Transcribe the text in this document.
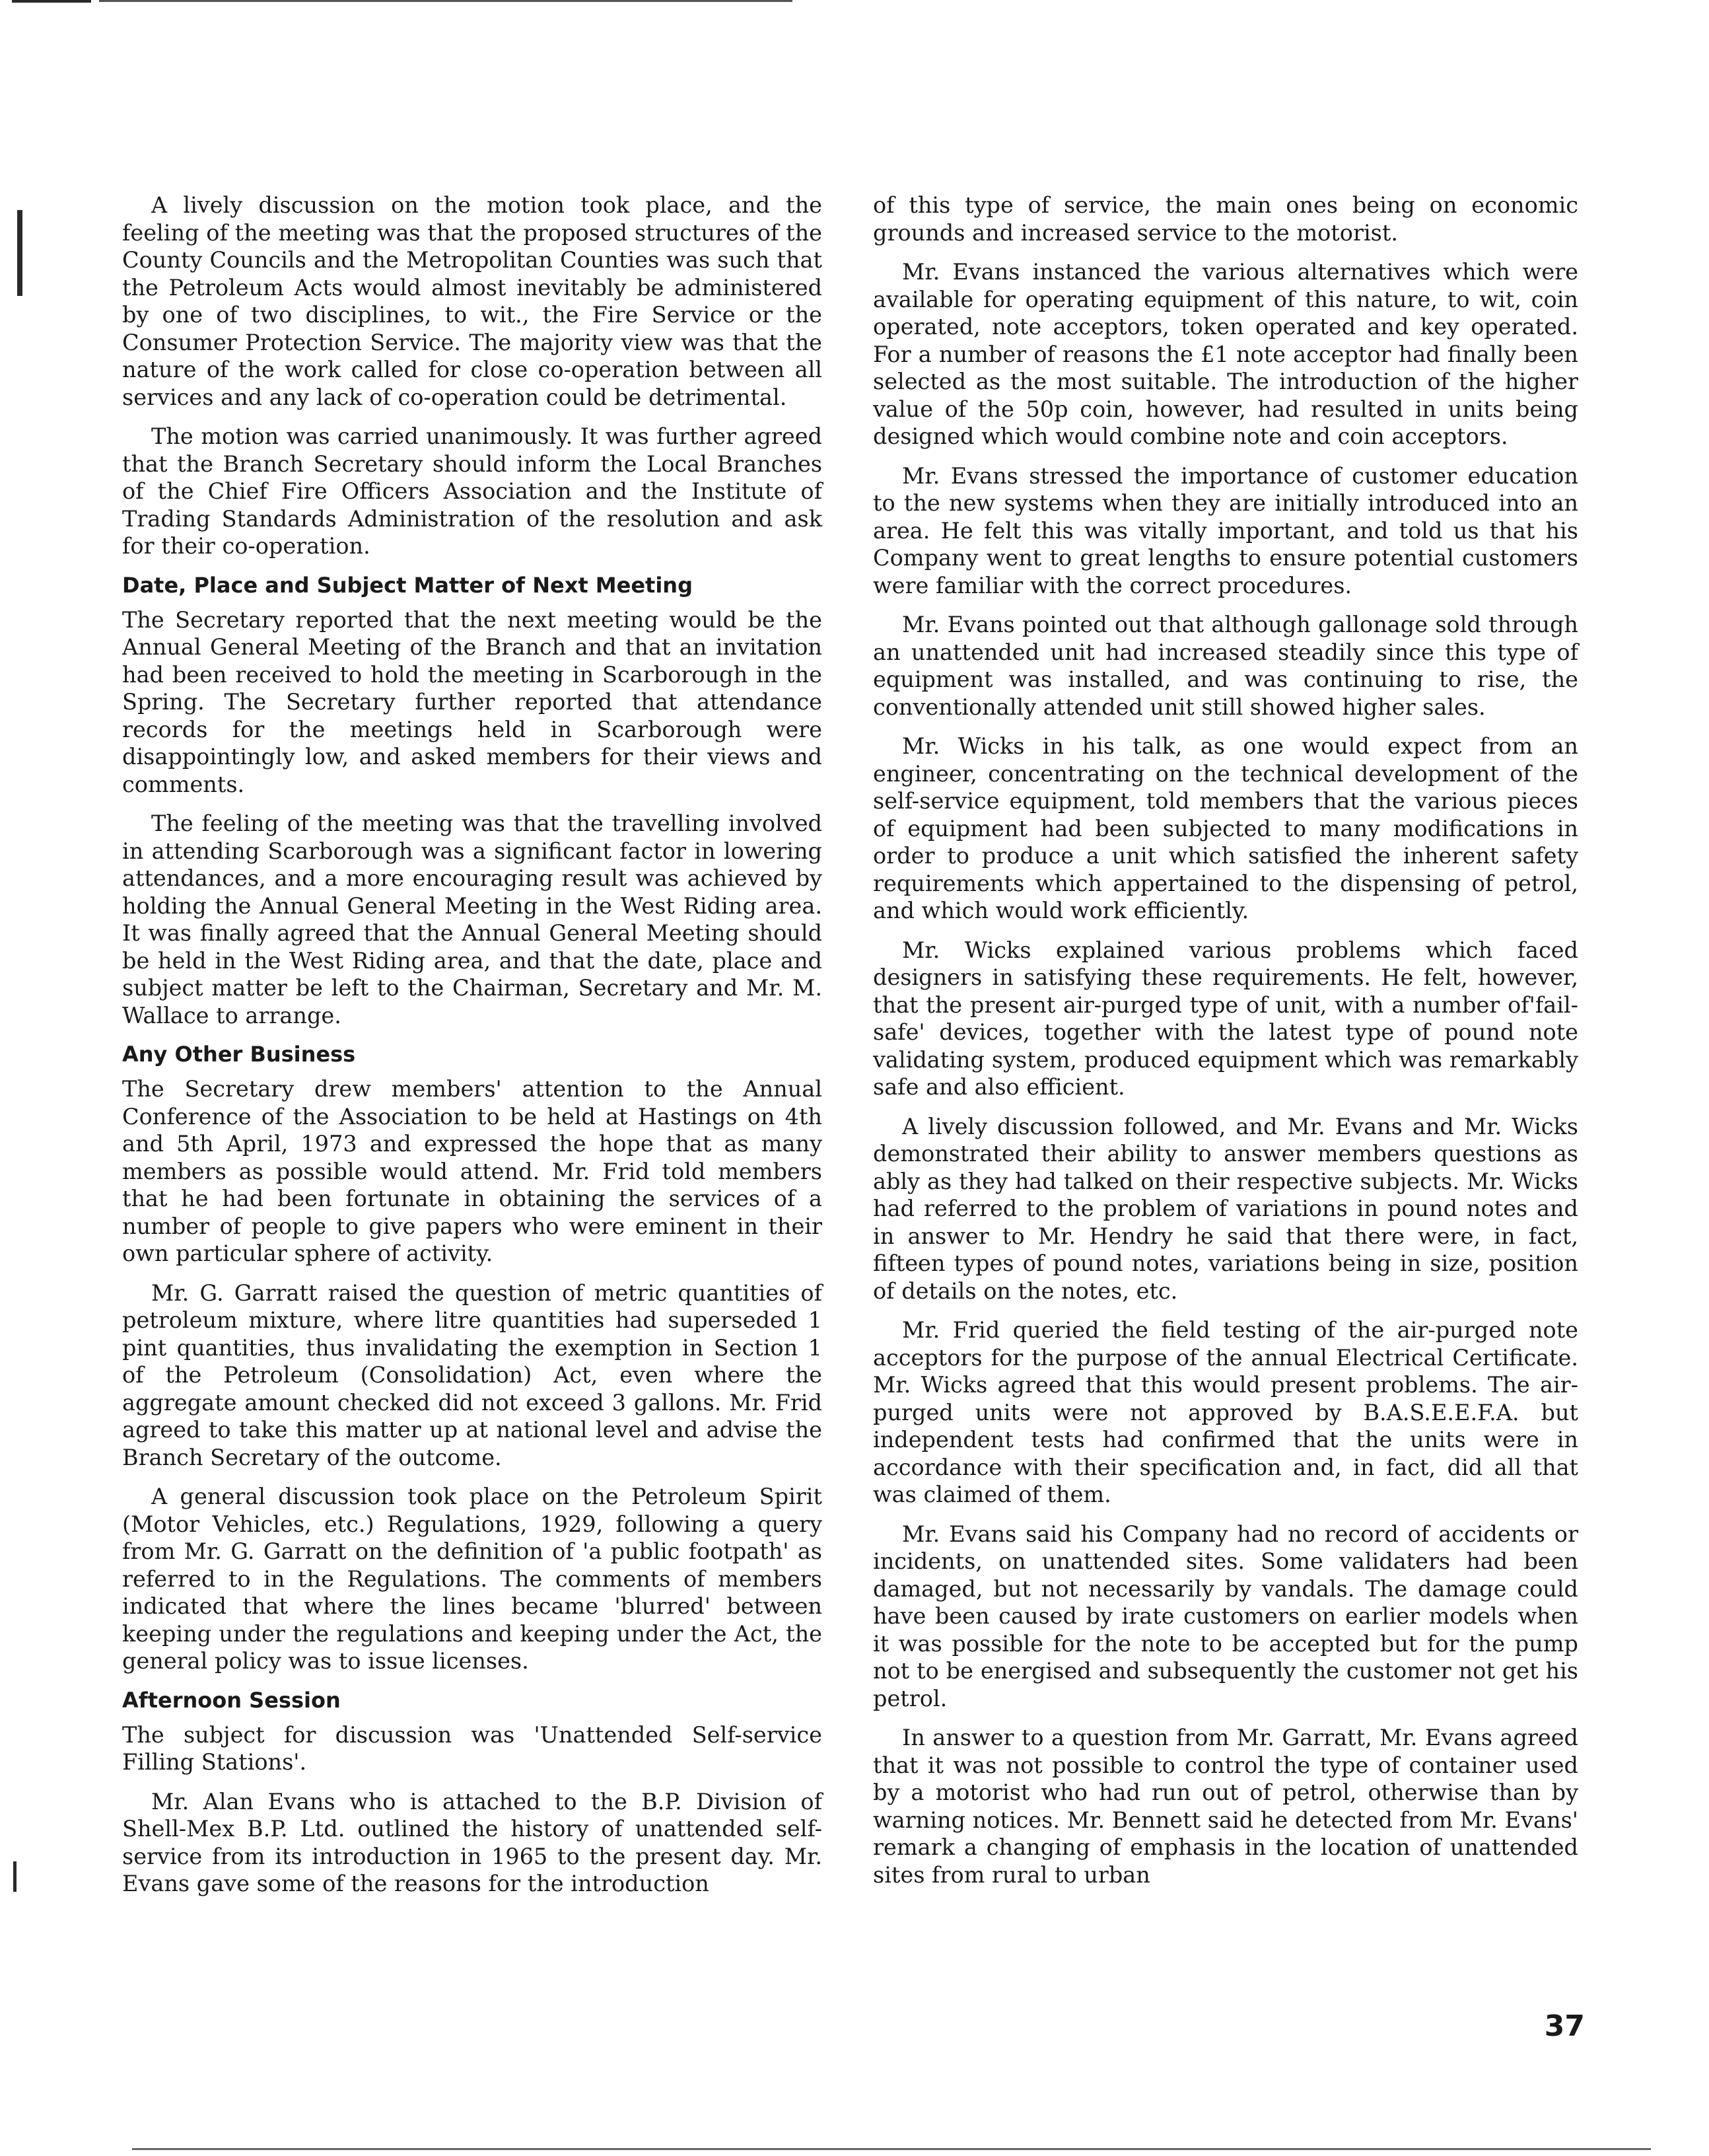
A lively discussion on the motion took place, and the feeling of the meeting was that the proposed structures of the County Councils and the Metropolitan Counties was such that the Petroleum Acts would almost inevitably be administered by one of two disciplines, to wit., the Fire Service or the Consumer Protection Service. The majority view was that the nature of the work called for close co-operation between all services and any lack of co-operation could be detrimental.

The motion was carried unanimously. It was further agreed that the Branch Secretary should inform the Local Branches of the Chief Fire Officers Association and the Institute of Trading Standards Administration of the resolution and ask for their co-operation.

Date, Place and Subject Matter of Next Meeting

The Secretary reported that the next meeting would be the Annual General Meeting of the Branch and that an invitation had been received to hold the meeting in Scarborough in the Spring. The Secretary further reported that attendance records for the meetings held in Scarborough were disappointingly low, and asked members for their views and comments.

The feeling of the meeting was that the travelling involved in attending Scarborough was a significant factor in lowering attendances, and a more encouraging result was achieved by holding the Annual General Meeting in the West Riding area. It was finally agreed that the Annual General Meeting should be held in the West Riding area, and that the date, place and subject matter be left to the Chairman, Secretary and Mr. M. Wallace to arrange.

Any Other Business

The Secretary drew members' attention to the Annual Conference of the Association to be held at Hastings on 4th and 5th April, 1973 and expressed the hope that as many members as possible would attend. Mr. Frid told members that he had been fortunate in obtaining the services of a number of people to give papers who were eminent in their own particular sphere of activity.

Mr. G. Garratt raised the question of metric quantities of petroleum mixture, where litre quantities had superseded 1 pint quantities, thus invalidating the exemption in Section 1 of the Petroleum (Consolidation) Act, even where the aggregate amount checked did not exceed 3 gallons. Mr. Frid agreed to take this matter up at national level and advise the Branch Secretary of the outcome.

A general discussion took place on the Petroleum Spirit (Motor Vehicles, etc.) Regulations, 1929, following a query from Mr. G. Garratt on the definition of 'a public footpath' as referred to in the Regulations. The comments of members indicated that where the lines became 'blurred' between keeping under the regulations and keeping under the Act, the general policy was to issue licenses.

Afternoon Session

The subject for discussion was 'Unattended Self-service Filling Stations'.

Mr. Alan Evans who is attached to the B.P. Division of Shell-Mex B.P. Ltd. outlined the history of unattended self-service from its introduction in 1965 to the present day. Mr. Evans gave some of the reasons for the introduction

of this type of service, the main ones being on economic grounds and increased service to the motorist.

Mr. Evans instanced the various alternatives which were available for operating equipment of this nature, to wit, coin operated, note acceptors, token operated and key operated. For a number of reasons the £1 note acceptor had finally been selected as the most suitable. The introduction of the higher value of the 50p coin, however, had resulted in units being designed which would combine note and coin acceptors.

Mr. Evans stressed the importance of customer education to the new systems when they are initially introduced into an area. He felt this was vitally important, and told us that his Company went to great lengths to ensure potential customers were familiar with the correct procedures.

Mr. Evans pointed out that although gallonage sold through an unattended unit had increased steadily since this type of equipment was installed, and was continuing to rise, the conventionally attended unit still showed higher sales.

Mr. Wicks in his talk, as one would expect from an engineer, concentrating on the technical development of the self-service equipment, told members that the various pieces of equipment had been subjected to many modifications in order to produce a unit which satisfied the inherent safety requirements which appertained to the dispensing of petrol, and which would work efficiently.

Mr. Wicks explained various problems which faced designers in satisfying these requirements. He felt, however, that the present air-purged type of unit, with a number of'fail-safe' devices, together with the latest type of pound note validating system, produced equipment which was remarkably safe and also efficient.

A lively discussion followed, and Mr. Evans and Mr. Wicks demonstrated their ability to answer members questions as ably as they had talked on their respective subjects. Mr. Wicks had referred to the problem of variations in pound notes and in answer to Mr. Hendry he said that there were, in fact, fifteen types of pound notes, variations being in size, position of details on the notes, etc.

Mr. Frid queried the field testing of the air-purged note acceptors for the purpose of the annual Electrical Certificate. Mr. Wicks agreed that this would present problems. The air-purged units were not approved by B.A.S.E.E.F.A. but independent tests had confirmed that the units were in accordance with their specification and, in fact, did all that was claimed of them.

Mr. Evans said his Company had no record of accidents or incidents, on unattended sites. Some validaters had been damaged, but not necessarily by vandals. The damage could have been caused by irate customers on earlier models when it was possible for the note to be accepted but for the pump not to be energised and subsequently the customer not get his petrol.

In answer to a question from Mr. Garratt, Mr. Evans agreed that it was not possible to control the type of container used by a motorist who had run out of petrol, otherwise than by warning notices. Mr. Bennett said he detected from Mr. Evans' remark a changing of emphasis in the location of unattended sites from rural to urban

37
